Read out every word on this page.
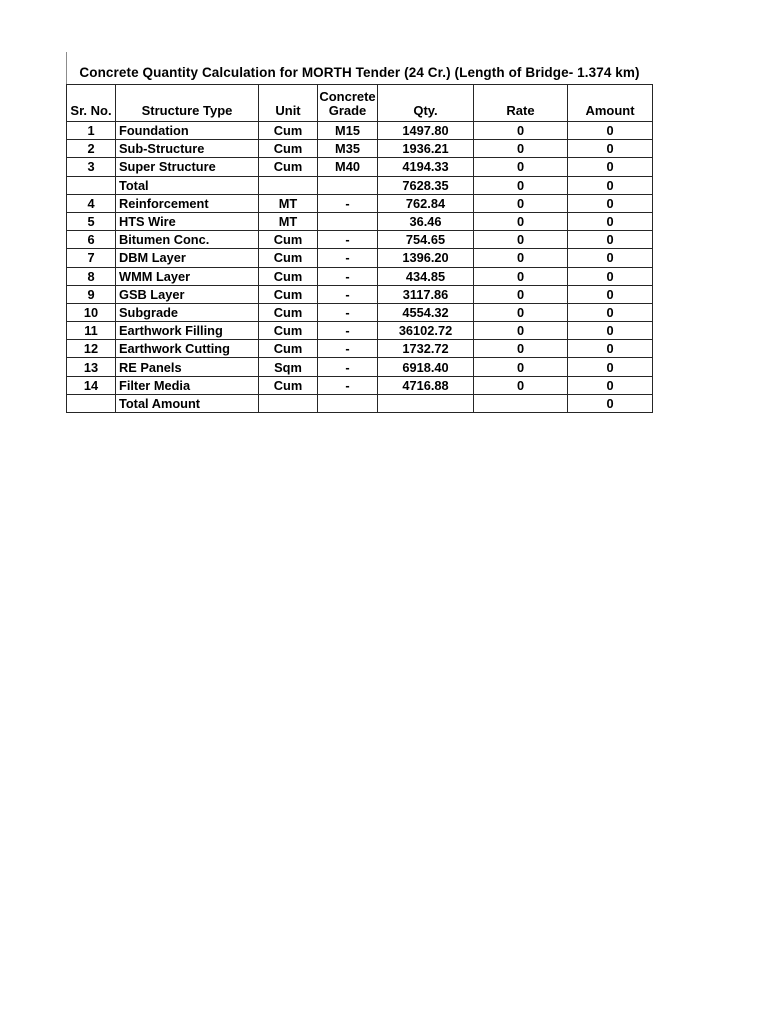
Concrete Quantity Calculation for MORTH Tender (24 Cr.) (Length of Bridge- 1.374 km)
Sr. No.	Structure Type	Unit	Concrete Grade	Qty.	Rate	Amount
1	Foundation	Cum	M15	1497.80	0	0
2	Sub-Structure	Cum	M35	1936.21	0	0
3	Super Structure	Cum	M40	4194.33	0	0
	Total			7628.35	0	0
4	Reinforcement	MT	-	762.84	0	0
5	HTS Wire	MT		36.46	0	0
6	Bitumen Conc.	Cum	-	754.65	0	0
7	DBM Layer	Cum	-	1396.20	0	0
8	WMM Layer	Cum	-	434.85	0	0
9	GSB Layer	Cum	-	3117.86	0	0
10	Subgrade	Cum	-	4554.32	0	0
11	Earthwork Filling	Cum	-	36102.72	0	0
12	Earthwork Cutting	Cum	-	1732.72	0	0
13	RE Panels	Sqm	-	6918.40	0	0
14	Filter Media	Cum	-	4716.88	0	0
	Total Amount					0
